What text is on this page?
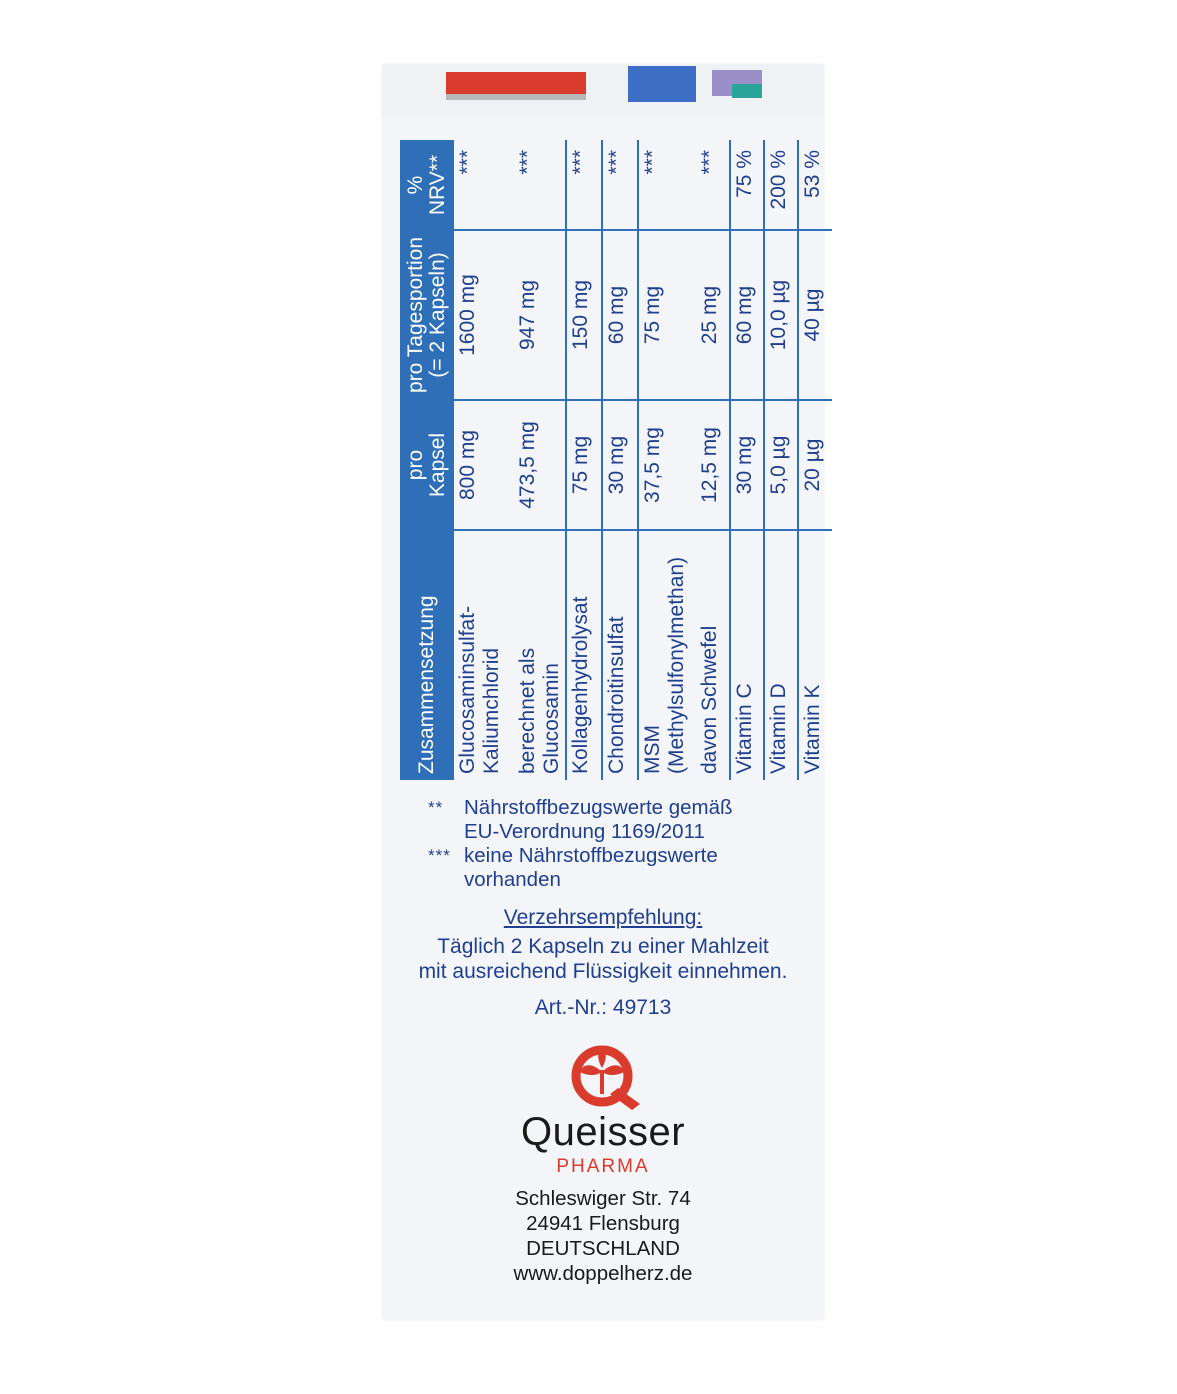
Zusammensetzung	pro Kapsel	pro Tagesportion (= 2 Kapseln)	% NRV**

Glucosaminsulfat- Kaliumchlorid	800 mg	1600 mg	***

berechnet als Glucosamin	473,5 mg	947 mg	***
Kollagenhydrolysat	75 mg	150 mg	***
Chondroitinsulfat	30 mg	60 mg	***

MSM (Methylsulfonylmethan)	37,5 mg	75 mg	***
davon Schwefel	12,5 mg	25 mg	***
Vitamin C	30 mg	60 mg	75 %
Vitamin D	5,0 µg	10,0 µg	200 %
Vitamin K	20 µg	40 µg	53 %
**	Nährstoffbezugswerte gemäß
EU-Verordnung 1169/2011
*** keine Nährstoffbezugswerte
vorhanden
Verzehrsempfehlung:
Täglich 2 Kapseln zu einer Mahlzeit
mit ausreichend Flüssigkeit einnehmen.
Art.-Nr.: 49713
Queisser
PHARMA
Schleswiger Str. 74
24941 Flensburg
DEUTSCHLAND
www.doppelherz.de
